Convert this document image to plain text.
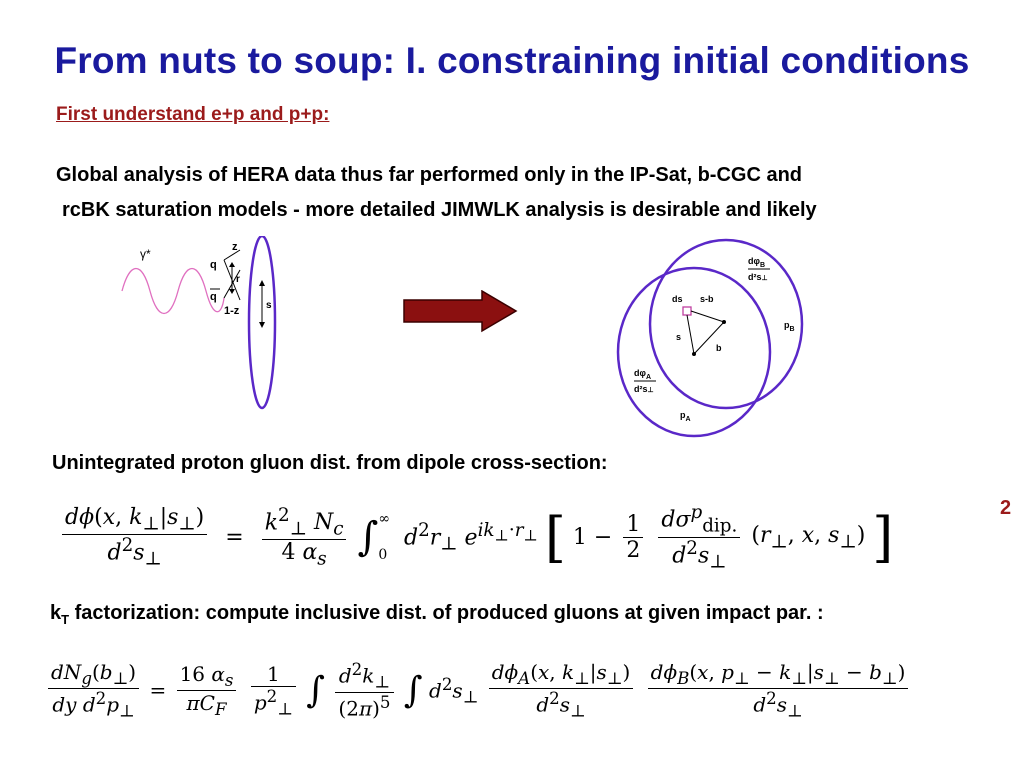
From nuts to soup: I. constraining initial conditions
First understand e+p and p+p:
Global analysis of HERA data thus far performed only in the IP-Sat, b-CGC and
rcBK saturation models - more detailed JIMWLK analysis is desirable and likely
γ*	z
q
q
r
1-z	s
$d\varphi_B$
d²s⊥
ds s-b
s
b
$p_B$
$d\varphi_A$
d²s⊥
$p_A$
Unintegrated proton gluon dist. from dipole cross-section:
$\frac{d\phi(x, k_\perp|s_\perp)}{d^2s_\perp} = \frac{k^2_\perp N_c}{4 \alpha_s}$ ∫ ∞
0
$d^2r_\perp$ $e^{ik_\perp\cdot r_\perp}$ [ $1 - \frac{1}{2}$
$\frac{d\sigma^p_{dip.}}{d^2s_\perp} (r_\perp$, x, $s_\perp$) ]	2
$k_T$ factorization: compute inclusive dist. of produced gluons at given impact par. :
$\frac{dN_g(b_\perp)}{dy d^2p_\perp} = \frac{16 \alpha_s}{\pi C_F}$
$\frac{1}{p^2_\perp}$ ∫ $\frac{d^2k_\perp}{(2\pi)^5}$ ∫ $d^2s_\perp \frac{d\phi_A(x, k_\perp|s_\perp)}{d^2s_\perp}$
$\frac{d\phi_B(x, p_\perp - k_\perp|s_\perp - b_\perp)}{d^2s_\perp}$
